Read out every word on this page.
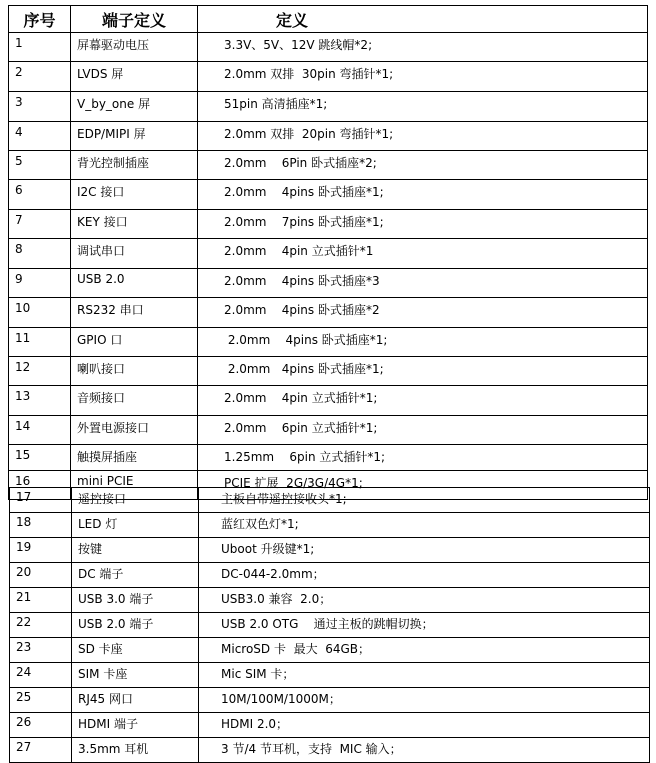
序号	端子定义	定义
1	屏幕驱动电压	3.3V、5V、12V 跳线帽*2;
2	LVDS 屏	2.0mm 双排  30pin 弯插针*1;
3	V_by_one 屏	51pin 高清插座*1;
4	EDP/MIPI 屏	2.0mm 双排  20pin 弯插针*1;
5	背光控制插座	2.0mm    6Pin 卧式插座*2;
6	I2C 接口	2.0mm    4pins 卧式插座*1;
7	KEY 接口	2.0mm    7pins 卧式插座*1;
8	调试串口	2.0mm    4pin 立式插针*1
9	USB 2.0	2.0mm    4pins 卧式插座*3
10	RS232 串口	2.0mm    4pins 卧式插座*2
11	GPIO 口	2.0mm    4pins 卧式插座*1;
12	喇叭接口	2.0mm   4pins 卧式插座*1;
13	音频接口	2.0mm    4pin 立式插针*1;
14	外置电源接口	2.0mm    6pin 立式插针*1;
15	触摸屏插座	1.25mm    6pin 立式插针*1;
16	mini PCIE	PCIE 扩展  2G/3G/4G*1;
17	遥控接口	主板自带遥控接收头*1;
18	LED 灯	蓝红双色灯*1;
19	按键	Uboot 升级键*1;
20	DC 端子	DC-044-2.0mm；
21	USB 3.0 端子	USB3.0 兼容  2.0；
22	USB 2.0 端子	USB 2.0 OTG    通过主板的跳帽切换；
23	SD 卡座	MicroSD 卡  最大  64GB；
24	SIM 卡座	Mic SIM 卡；
25	RJ45 网口	10M/100M/1000M；
26	HDMI 端子	HDMI 2.0；
27	3.5mm 耳机	3 节/4 节耳机，支持  MIC 输入；
